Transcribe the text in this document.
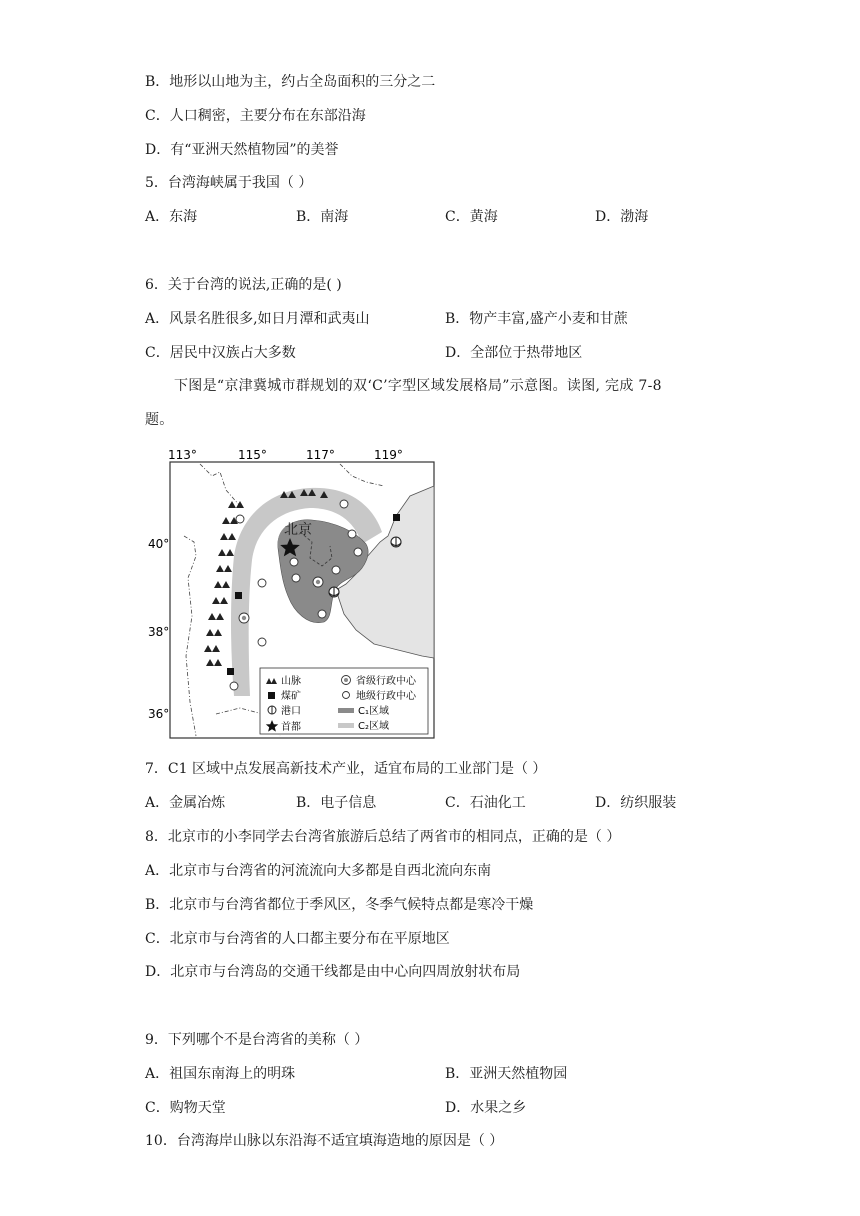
B．地形以山地为主，约占全岛面积的三分之二
C．人口稠密，主要分布在东部沿海
D．有“亚洲天然植物园”的美誉
5．台湾海峡属于我国（ ）
A．东海	B．南海	C．黄海	D．渤海
6．关于台湾的说法,正确的是( )
A．风景名胜很多,如日月潭和武夷山	B．物产丰富,盛产小麦和甘蔗
C．居民中汉族占大多数	D．全部位于热带地区
下图是“京津冀城市群规划的双‘C’字型区域发展格局”示意图。读图, 完成 7-8
题。
113°	115°	117°	119°
40°
38°
36°
北京
山脉
煤矿
港口
首都
省级行政中心
地级行政中心
C₁区域
C₂区域
7．C1 区域中点发展高新技术产业，适宜布局的工业部门是（ ）
A．金属冶炼	B．电子信息	C．石油化工	D．纺织服装
8．北京市的小李同学去台湾省旅游后总结了两省市的相同点，正确的是（ ）
A．北京市与台湾省的河流流向大多都是自西北流向东南
B．北京市与台湾省都位于季风区，冬季气候特点都是寒冷干燥
C．北京市与台湾省的人口都主要分布在平原地区
D．北京市与台湾岛的交通干线都是由中心向四周放射状布局
9．下列哪个不是台湾省的美称（ ）
A．祖国东南海上的明珠	B．亚洲天然植物园
C．购物天堂	D．水果之乡
10．台湾海岸山脉以东沿海不适宜填海造地的原因是（ ）
